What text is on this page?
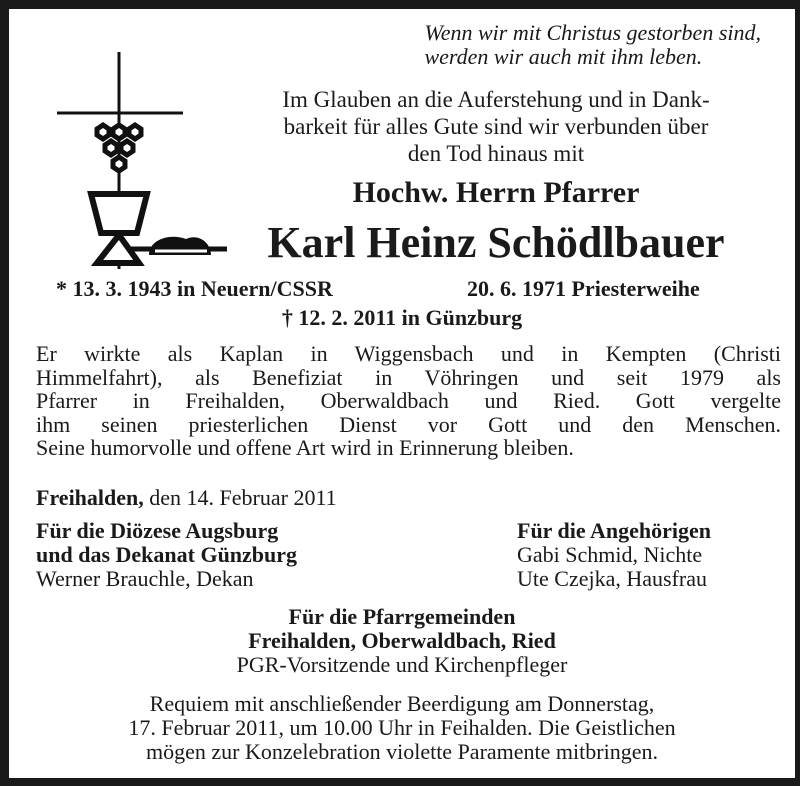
Wenn wir mit Christus gestorben sind,
werden wir auch mit ihm leben.
Im Glauben an die Auferstehung und in Dank-
barkeit für alles Gute sind wir verbunden über
den Tod hinaus mit
Hochw. Herrn Pfarrer
Karl Heinz Schödlbauer
* 13. 3. 1943 in Neuern/CSSR	20. 6. 1971 Priesterweihe
† 12. 2. 2011 in Günzburg
Er wirkte als Kaplan in Wiggensbach und in Kempten (Christi
Himmelfahrt), als Benefiziat in Vöhringen und seit 1979 als
Pfarrer in Freihalden, Oberwaldbach und Ried. Gott vergelte
ihm seinen priesterlichen Dienst vor Gott und den Menschen.
Seine humorvolle und offene Art wird in Erinnerung bleiben.
Freihalden, den 14. Februar 2011
Für die Diözese Augsburg
und das Dekanat Günzburg
Werner Brauchle, Dekan
Für die Angehörigen
Gabi Schmid, Nichte
Ute Czejka, Hausfrau
Für die Pfarrgemeinden
Freihalden, Oberwaldbach, Ried
PGR-Vorsitzende und Kirchenpfleger
Requiem mit anschließender Beerdigung am Donnerstag,
17. Februar 2011, um 10.00 Uhr in Feihalden. Die Geistlichen
mögen zur Konzelebration violette Paramente mitbringen.
